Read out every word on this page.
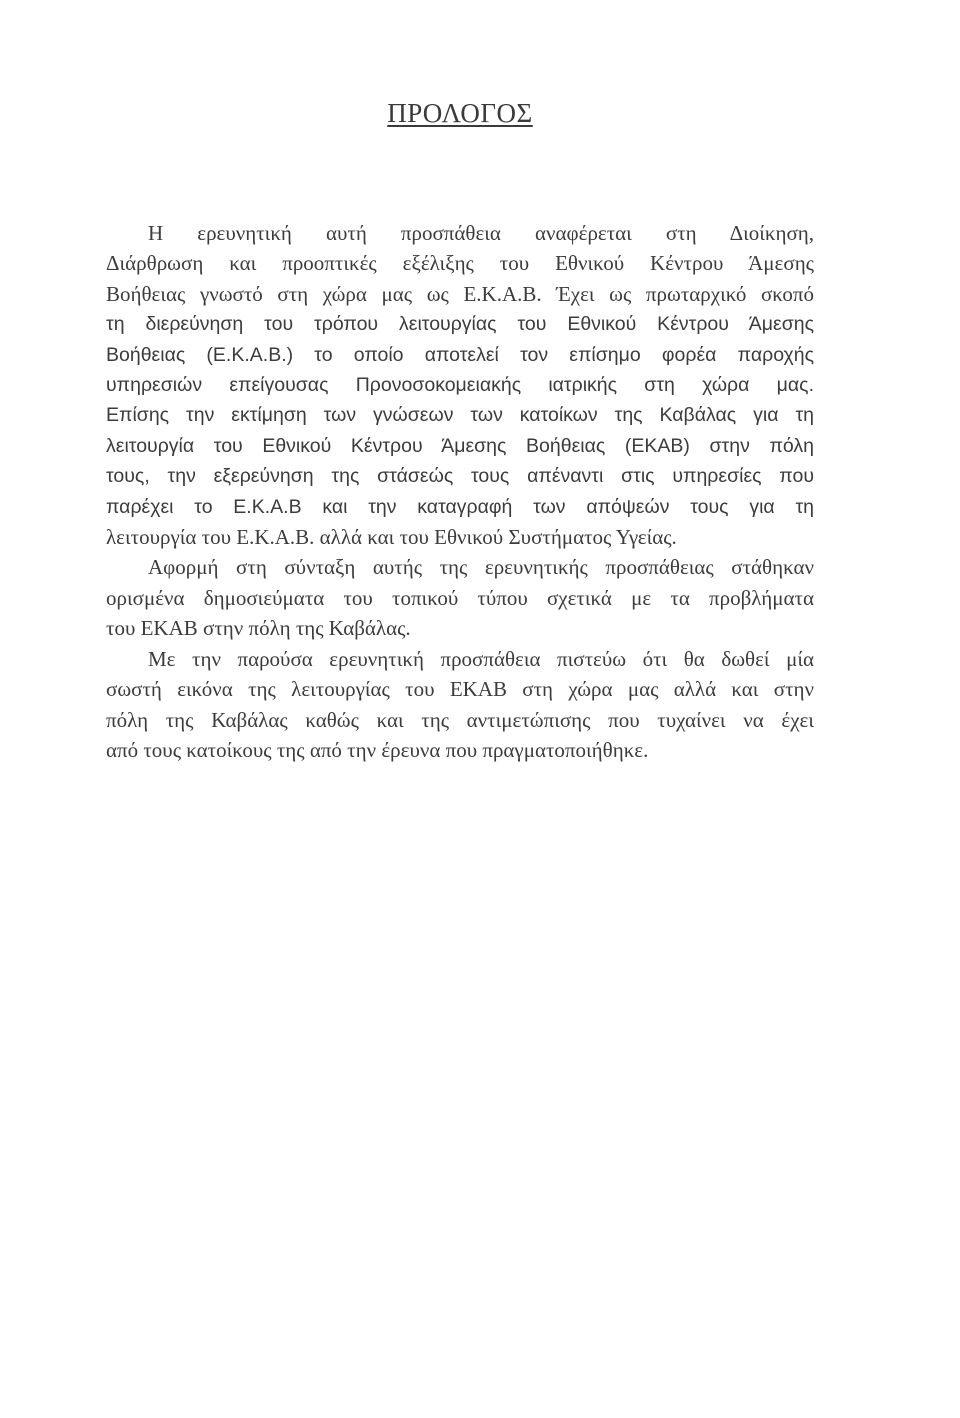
ΠΡΟΛΟΓΟΣ
Η ερευνητική αυτή προσπάθεια αναφέρεται στη Διοίκηση,
Διάρθρωση και προοπτικές εξέλιξης του Εθνικού Κέντρου Άμεσης
Βοήθειας γνωστό στη χώρα μας ως Ε.Κ.Α.Β. Έχει ως πρωταρχικό σκοπό
τη διερεύνηση του τρόπου λειτουργίας του Εθνικού Κέντρου Άμεσης
Βοήθειας (Ε.Κ.Α.Β.) το οποίο αποτελεί τον επίσημο φορέα παροχής
υπηρεσιών επείγουσας Προνοσοκομειακής ιατρικής στη χώρα μας.
Επίσης την εκτίμηση των γνώσεων των κατοίκων της Καβάλας για τη
λειτουργία του Εθνικού Κέντρου Άμεσης Βοήθειας (ΕΚΑΒ) στην πόλη
τους, την εξερεύνηση της στάσεώς τους απέναντι στις υπηρεσίες που
παρέχει το Ε.Κ.Α.Β και την καταγραφή των απόψεών τους για τη
λειτουργία του Ε.Κ.Α.Β. αλλά και του Εθνικού Συστήματος Υγείας.
Αφορμή στη σύνταξη αυτής της ερευνητικής προσπάθειας στάθηκαν
ορισμένα δημοσιεύματα του τοπικού τύπου σχετικά με τα προβλήματα
του ΕΚΑΒ στην πόλη της Καβάλας.
Με την παρούσα ερευνητική προσπάθεια πιστεύω ότι θα δωθεί μία
σωστή εικόνα της λειτουργίας του ΕΚΑΒ στη χώρα μας αλλά και στην
πόλη της Καβάλας καθώς και της αντιμετώπισης που τυχαίνει να έχει
από τους κατοίκους της από την έρευνα που πραγματοποιήθηκε.
